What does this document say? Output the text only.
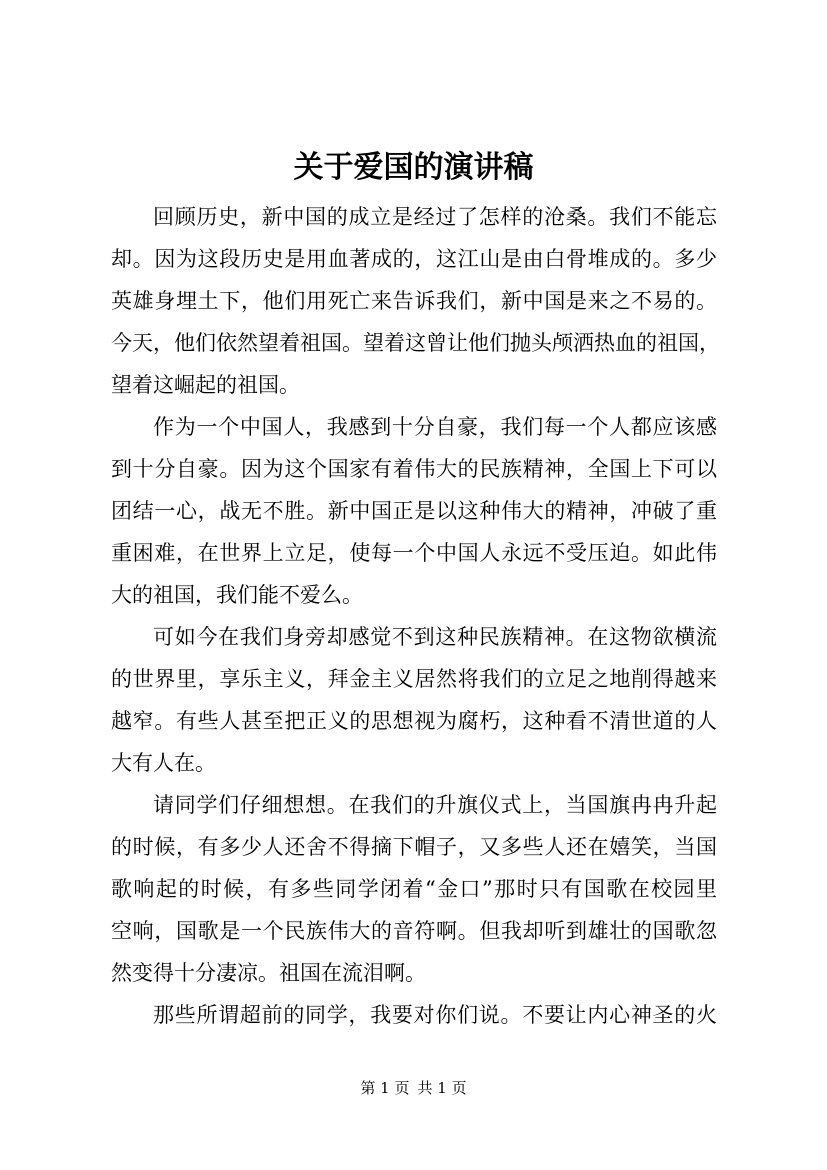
关于爱国的演讲稿
回顾历史，新中国的成立是经过了怎样的沧桑。我们不能忘
却。因为这段历史是用血著成的，这江山是由白骨堆成的。多少
英雄身埋土下，他们用死亡来告诉我们，新中国是来之不易的。
今天，他们依然望着祖国。望着这曾让他们抛头颅洒热血的祖国，
望着这崛起的祖国。
作为一个中国人，我感到十分自豪，我们每一个人都应该感
到十分自豪。因为这个国家有着伟大的民族精神，全国上下可以
团结一心，战无不胜。新中国正是以这种伟大的精神，冲破了重
重困难，在世界上立足，使每一个中国人永远不受压迫。如此伟
大的祖国，我们能不爱么。
可如今在我们身旁却感觉不到这种民族精神。在这物欲横流
的世界里，享乐主义，拜金主义居然将我们的立足之地削得越来
越窄。有些人甚至把正义的思想视为腐朽，这种看不清世道的人
大有人在。
请同学们仔细想想。在我们的升旗仪式上，当国旗冉冉升起
的时候，有多少人还舍不得摘下帽子，又多些人还在嬉笑，当国
歌响起的时候，有多些同学闭着“金口”那时只有国歌在校园里
空响，国歌是一个民族伟大的音符啊。但我却听到雄壮的国歌忽
然变得十分凄凉。祖国在流泪啊。
那些所谓超前的同学，我要对你们说。不要让内心神圣的火
第 1 页 共 1 页
